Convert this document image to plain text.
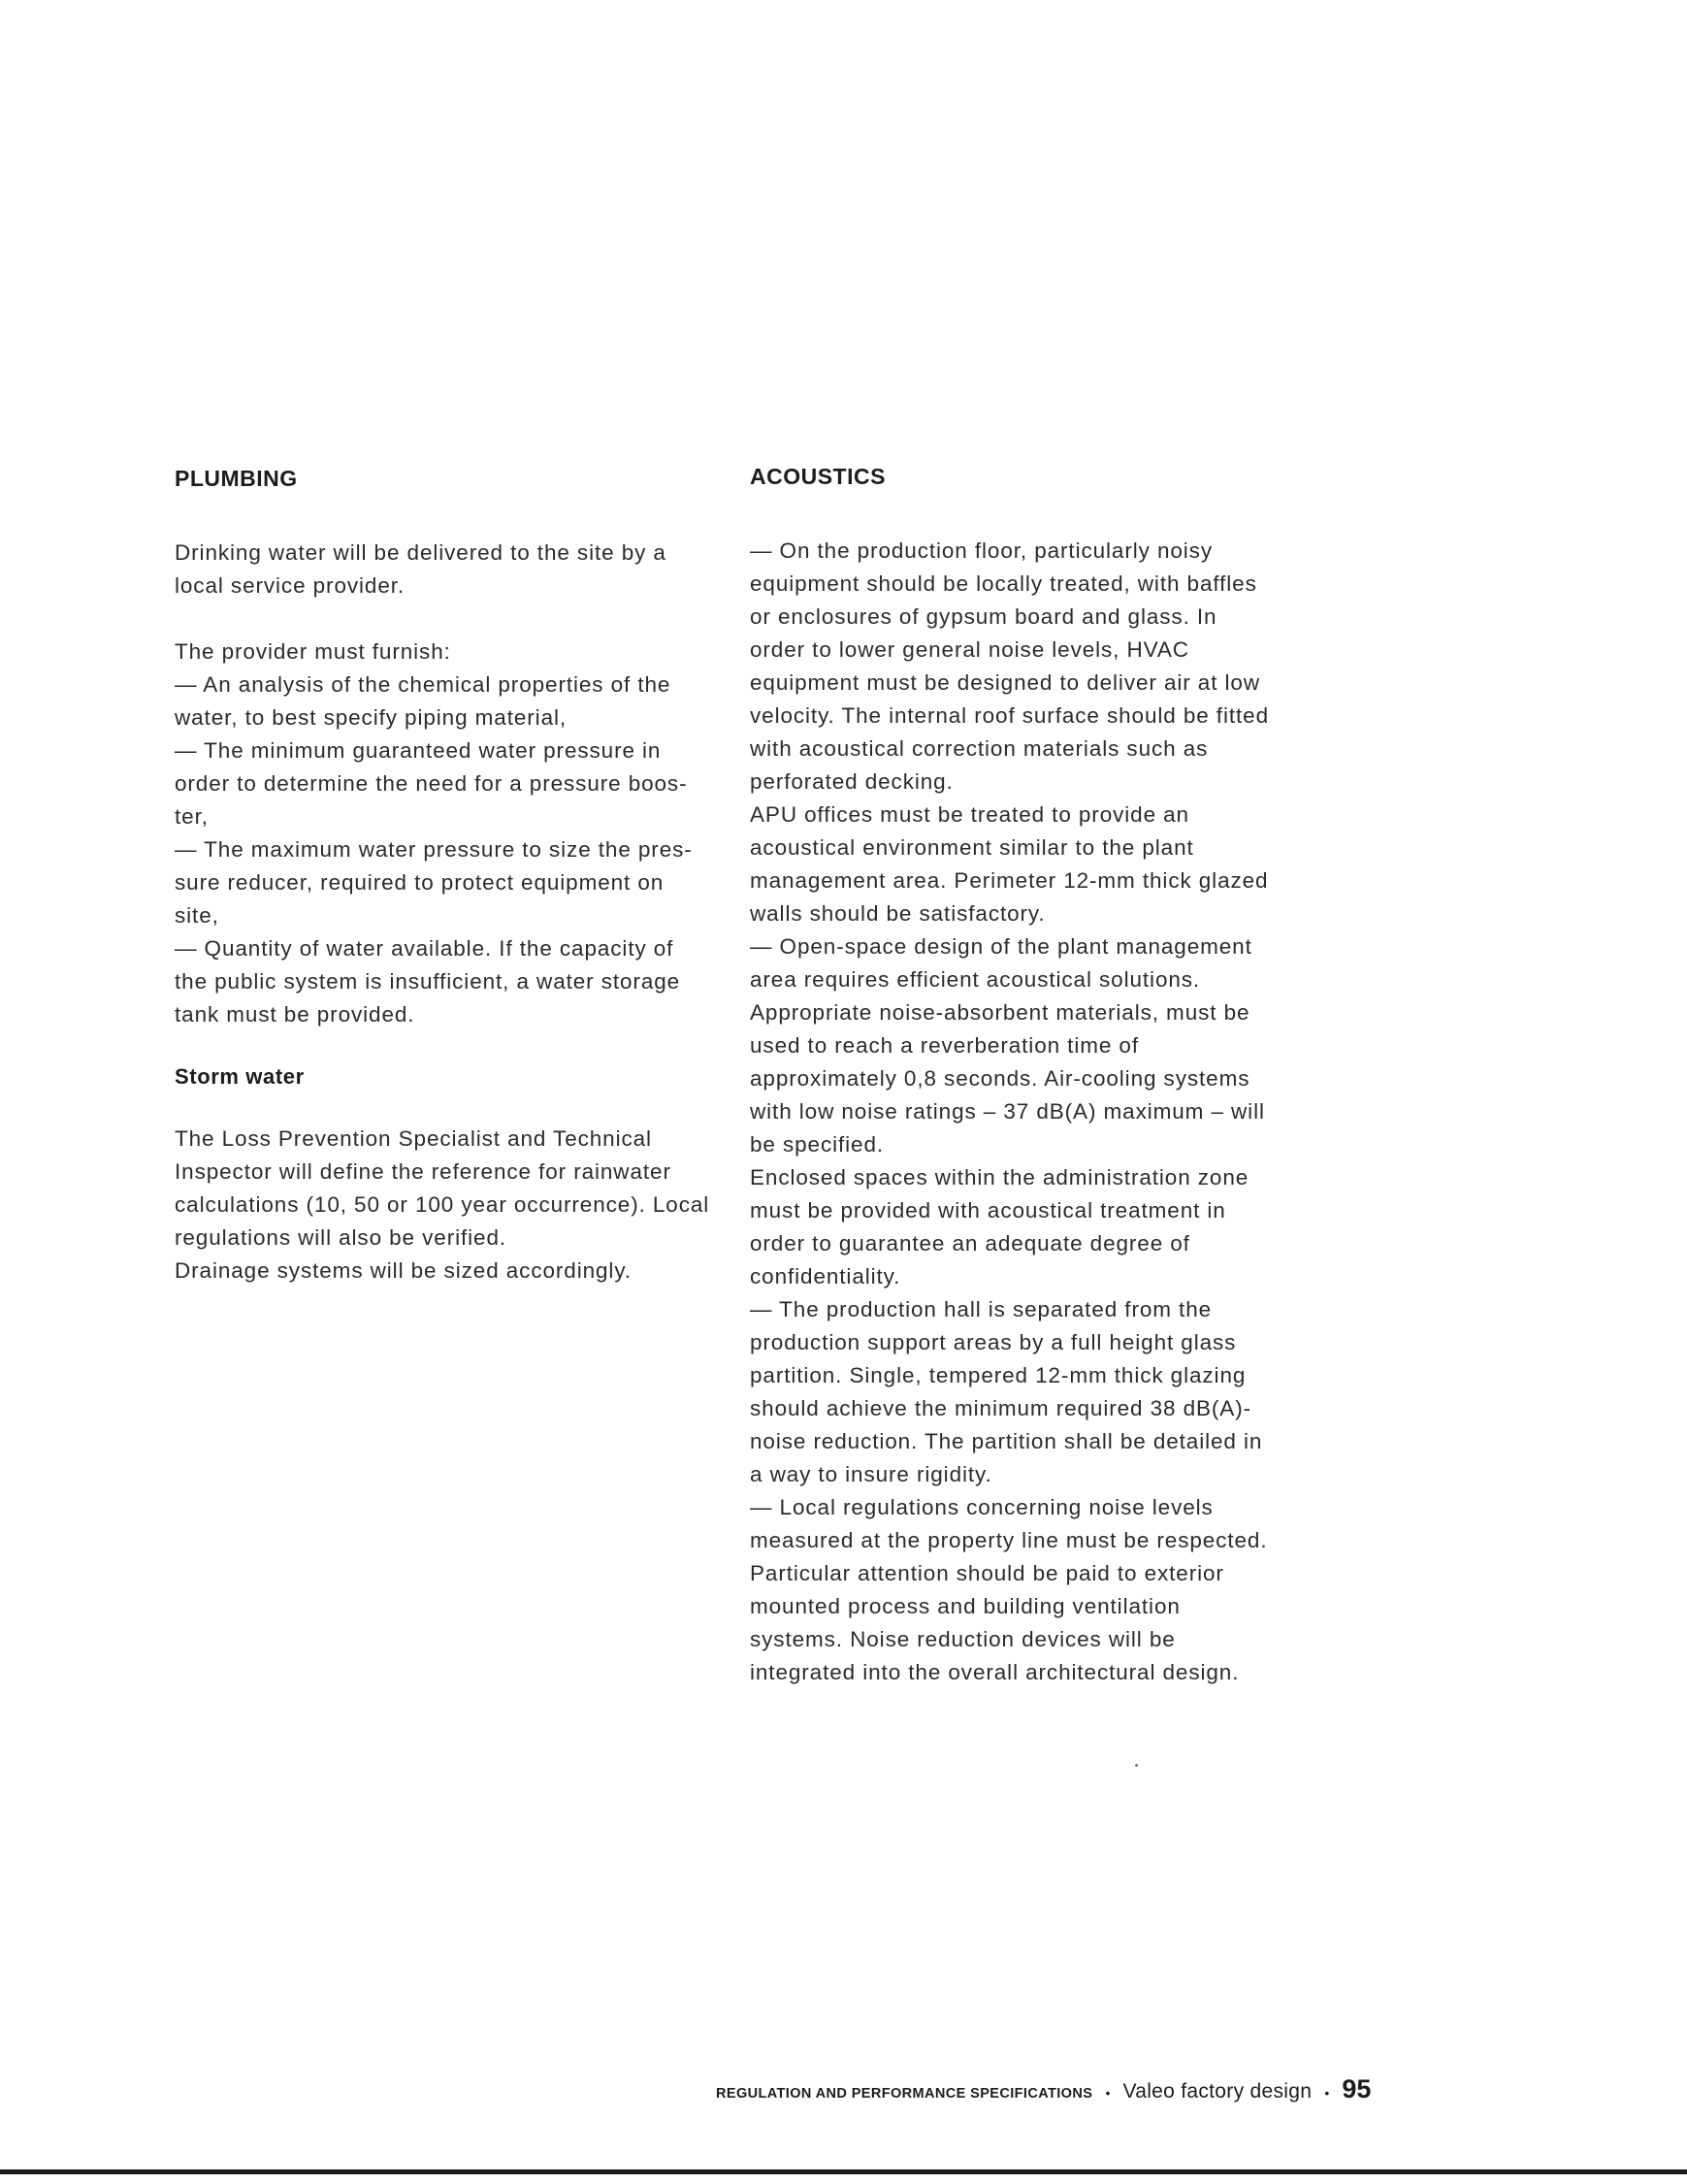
PLUMBING
Drinking water will be delivered to the site by a
local service provider.
The provider must furnish:
— An analysis of the chemical properties of the
water, to best specify piping material,
— The minimum guaranteed water pressure in
order to determine the need for a pressure boos-
ter,
— The maximum water pressure to size the pres-
sure reducer, required to protect equipment on
site,
— Quantity of water available. If the capacity of
the public system is insufficient, a water storage
tank must be provided.
Storm water
The Loss Prevention Specialist and Technical
Inspector will define the reference for rainwater
calculations (10, 50 or 100 year occurrence). Local
regulations will also be verified.
Drainage systems will be sized accordingly.
ACOUSTICS
— On the production floor, particularly noisy
equipment should be locally treated, with baffles
or enclosures of gypsum board and glass. In
order to lower general noise levels, HVAC
equipment must be designed to deliver air at low
velocity. The internal roof surface should be fitted
with acoustical correction materials such as
perforated decking.
APU offices must be treated to provide an
acoustical environment similar to the plant
management area. Perimeter 12-mm thick glazed
walls should be satisfactory.
— Open-space design of the plant management
area requires efficient acoustical solutions.
Appropriate noise-absorbent materials, must be
used to reach a reverberation time of
approximately 0,8 seconds. Air-cooling systems
with low noise ratings – 37 dB(A) maximum – will
be specified.
Enclosed spaces within the administration zone
must be provided with acoustical treatment in
order to guarantee an adequate degree of
confidentiality.
— The production hall is separated from the
production support areas by a full height glass
partition. Single, tempered 12-mm thick glazing
should achieve the minimum required 38 dB(A)-
noise reduction. The partition shall be detailed in
a way to insure rigidity.
— Local regulations concerning noise levels
measured at the property line must be respected.
Particular attention should be paid to exterior
mounted process and building ventilation
systems. Noise reduction devices will be
integrated into the overall architectural design.
REGULATION AND PERFORMANCE SPECIFICATIONS • Valeo factory design • 95
